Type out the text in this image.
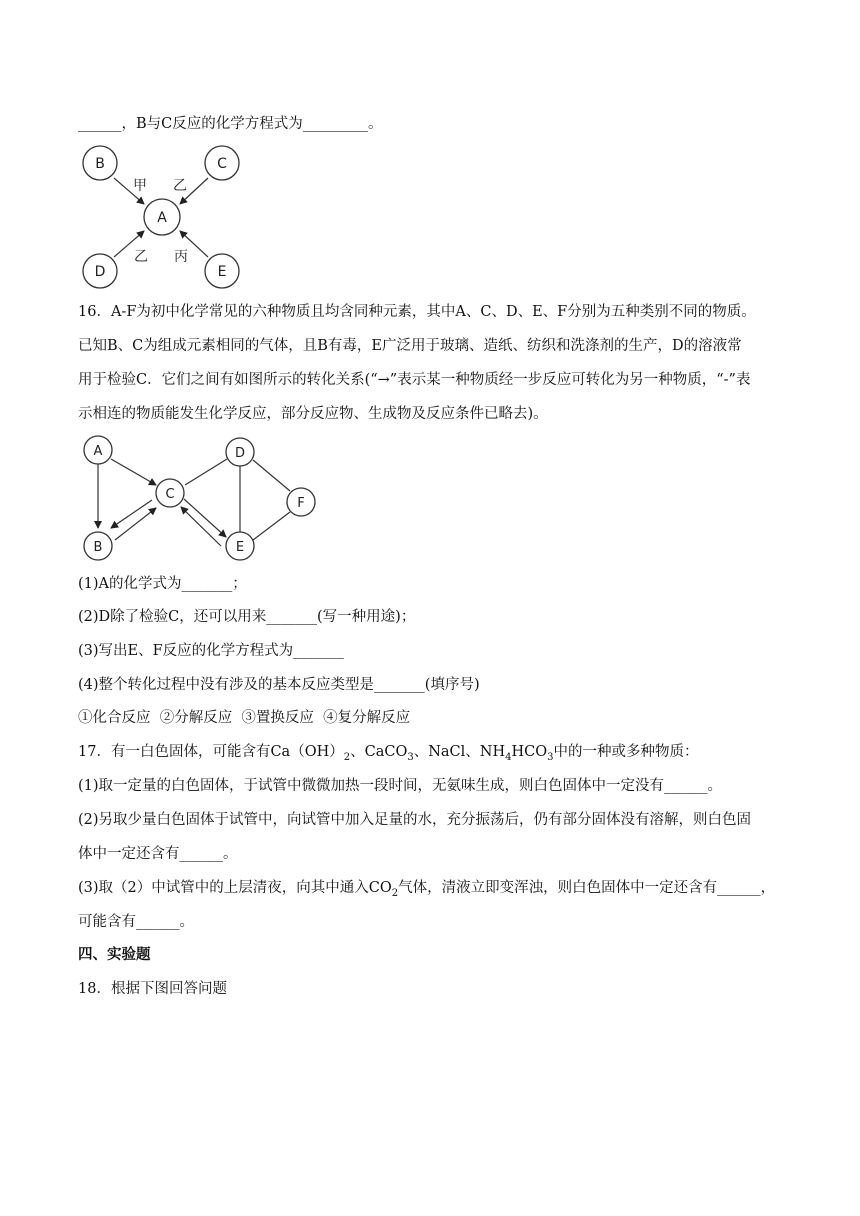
______，B与C反应的化学方程式为_________。
B	C
A
D	E
甲 乙
乙 丙
16．A-F为初中化学常见的六种物质且均含同种元素，其中A、C、D、E、F分别为五种类别不同的物质。
已知B、C为组成元素相同的气体，且B有毒，E广泛用于玻璃、造纸、纺织和洗涤剂的生产，D的溶液常
用于检验C．它们之间有如图所示的转化关系(“→”表示某一种物质经一步反应可转化为另一种物质，“-”表
示相连的物质能发生化学反应，部分反应物、生成物及反应条件已略去)。
A
B
C
D
E
F
(1)A的化学式为_______；
(2)D除了检验C，还可以用来_______(写一种用途)；
(3)写出E、F反应的化学方程式为_______
(4)整个转化过程中没有涉及的基本反应类型是_______(填序号)
①化合反应  ②分解反应  ③置换反应  ④复分解反应
17．有一白色固体，可能含有$Ca(OH)_2$、CaCO$_3$、NaCl、$NH_4HCO_3$中的一种或多种物质：
(1)取一定量的白色固体，于试管中微微加热一段时间，无氨味生成，则白色固体中一定没有______。
(2)另取少量白色固体于试管中，向试管中加入足量的水，充分振荡后，仍有部分固体没有溶解，则白色固
体中一定还含有______。
(3)取（2）中试管中的上层清夜，向其中通入$CO_2$气体，清液立即变浑浊，则白色固体中一定还含有______，
可能含有______。
四、实验题
18．根据下图回答问题
